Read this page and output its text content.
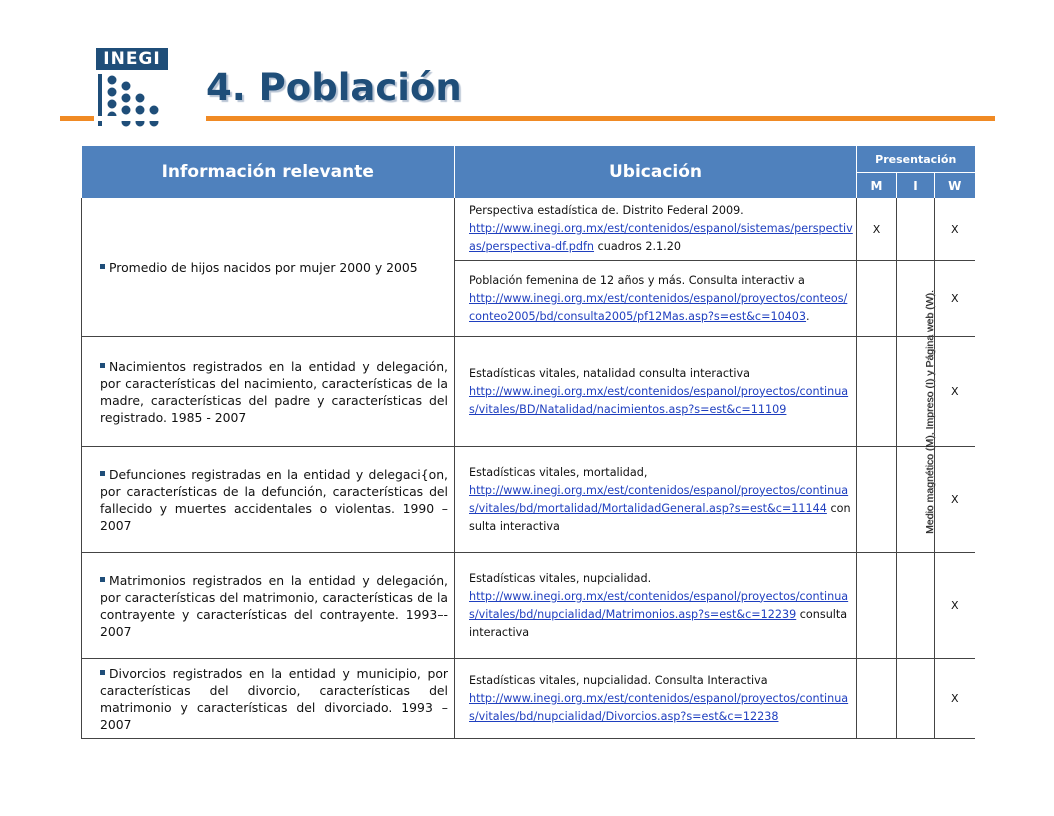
INEGI
4. Población
Información relevante	Ubicación	Presentación		
		M	I	W
Promedio de hijos nacidos por mujer 2000 y 2005	Perspectiva estadística de. Distrito Federal 2009.
http://www.inegi.org.mx/est/contenidos/espanol/sistemas/perspectivas/perspectiva-df.pdfn cuadros 2.1.20	X		X

	Población femenina de 12 años y más. Consulta interactiv a
http://www.inegi.org.mx/est/contenidos/espanol/proyectos/conteos/conteo2005/bd/consulta2005/pf12Mas.asp?s=est&c=10403.			X
Nacimientos registrados en la entidad y delegación, por características del nacimiento, características de la madre, características del padre y características del registrado. 1985 - 2007	Estadísticas vitales, natalidad consulta interactiva
http://www.inegi.org.mx/est/contenidos/espanol/proyectos/continuas/vitales/BD/Natalidad/nacimientos.asp?s=est&c=11109			X
Defunciones registradas en la entidad y delegaci{on, por características de la defunción, características del fallecido y muertes accidentales o violentas. 1990 – 2007	Estadísticas vitales, mortalidad,
http://www.inegi.org.mx/est/contenidos/espanol/proyectos/continuas/vitales/bd/mortalidad/MortalidadGeneral.asp?s=est&c=11144 consulta interactiva			X
Matrimonios registrados en la entidad y delegación, por características del matrimonio, características de la contrayente y características del contrayente. 1993–- 2007	Estadísticas vitales, nupcialidad.
http://www.inegi.org.mx/est/contenidos/espanol/proyectos/continuas/vitales/bd/nupcialidad/Matrimonios.asp?s=est&c=12239 consulta interactiva			X
Divorcios registrados en la entidad y municipio, por características del divorcio, características del matrimonio y características del divorciado. 1993 – 2007	Estadísticas vitales, nupcialidad. Consulta Interactiva
http://www.inegi.org.mx/est/contenidos/espanol/proyectos/continuas/vitales/bd/nupcialidad/Divorcios.asp?s=est&c=12238			X
Medio magnético (M), Impreso (I) y Página web (W).
